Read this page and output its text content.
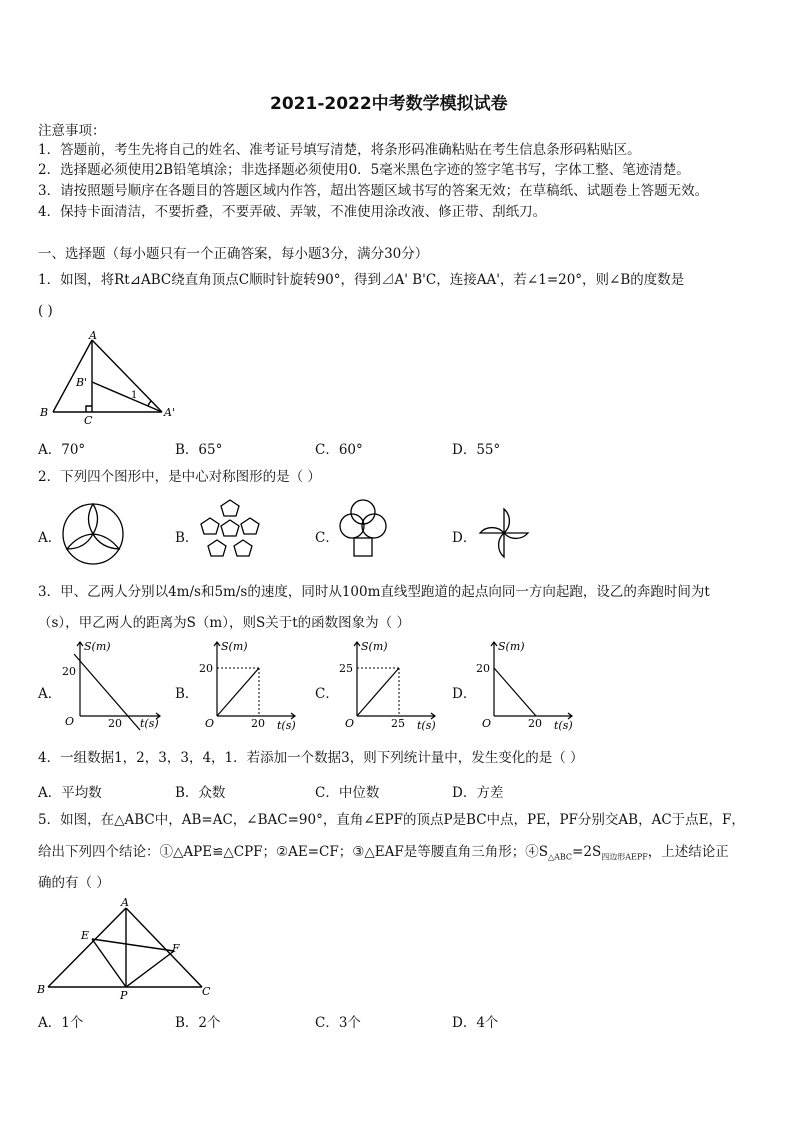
2021-2022中考数学模拟试卷
注意事项：
1．答题前，考生先将自己的姓名、准考证号填写清楚，将条形码准确粘贴在考生信息条形码粘贴区。
2．选择题必须使用2B铅笔填涂；非选择题必须使用0．5毫米黑色字迹的签字笔书写，字体工整、笔迹清楚。
3．请按照题号顺序在各题目的答题区域内作答，超出答题区域书写的答案无效；在草稿纸、试题卷上答题无效。
4．保持卡面清洁，不要折叠，不要弄破、弄皱，不准使用涂改液、修正带、刮纸刀。
一、选择题（每小题只有一个正确答案，每小题3分，满分30分）
1．如图，将Rt⊿ABC绕直角顶点C顺时针旋转90°，得到⊿A' B'C，连接AA'，若∠1=20°，则∠B的度数是
( )
A
B
C
B'
A'
1
A．70°	B．65°	C．60°	D．55°
2．下列四个图形中，是中心对称图形的是（ ）
A．	B．	C．	D．
3．甲、乙两人分别以4m/s和5m/s的速度，同时从100m直线型跑道的起点向同一方向起跑，设乙的奔跑时间为t
（s），甲乙两人的距离为S（m），则S关于t的函数图象为（ ）
A．
S(m)
20
O	20 t(s)
B．
S(m)
20
O	20 t(s)
C．
S(m)
25
O	25 t(s)
D．
S(m)
20
O	20 t(s)
4．一组数据1，2，3，3，4，1．若添加一个数据3，则下列统计量中，发生变化的是（ ）
A．平均数	B．众数	C．中位数	D．方差
5．如图，在△ABC中，AB=AC，∠BAC=90°，直角∠EPF的顶点P是BC中点，PE，PF分别交AB，AC于点E，F，
给出下列四个结论：①△APE≌△CPF；②AE=CF；③△EAF是等腰直角三角形；$④S_{\triangle ABC}=2S_{四边形AEPF}$，上述结论正
确的有（ ）
A
B	C
E
F
P
A．1个	B．2个	C．3个	D．4个
